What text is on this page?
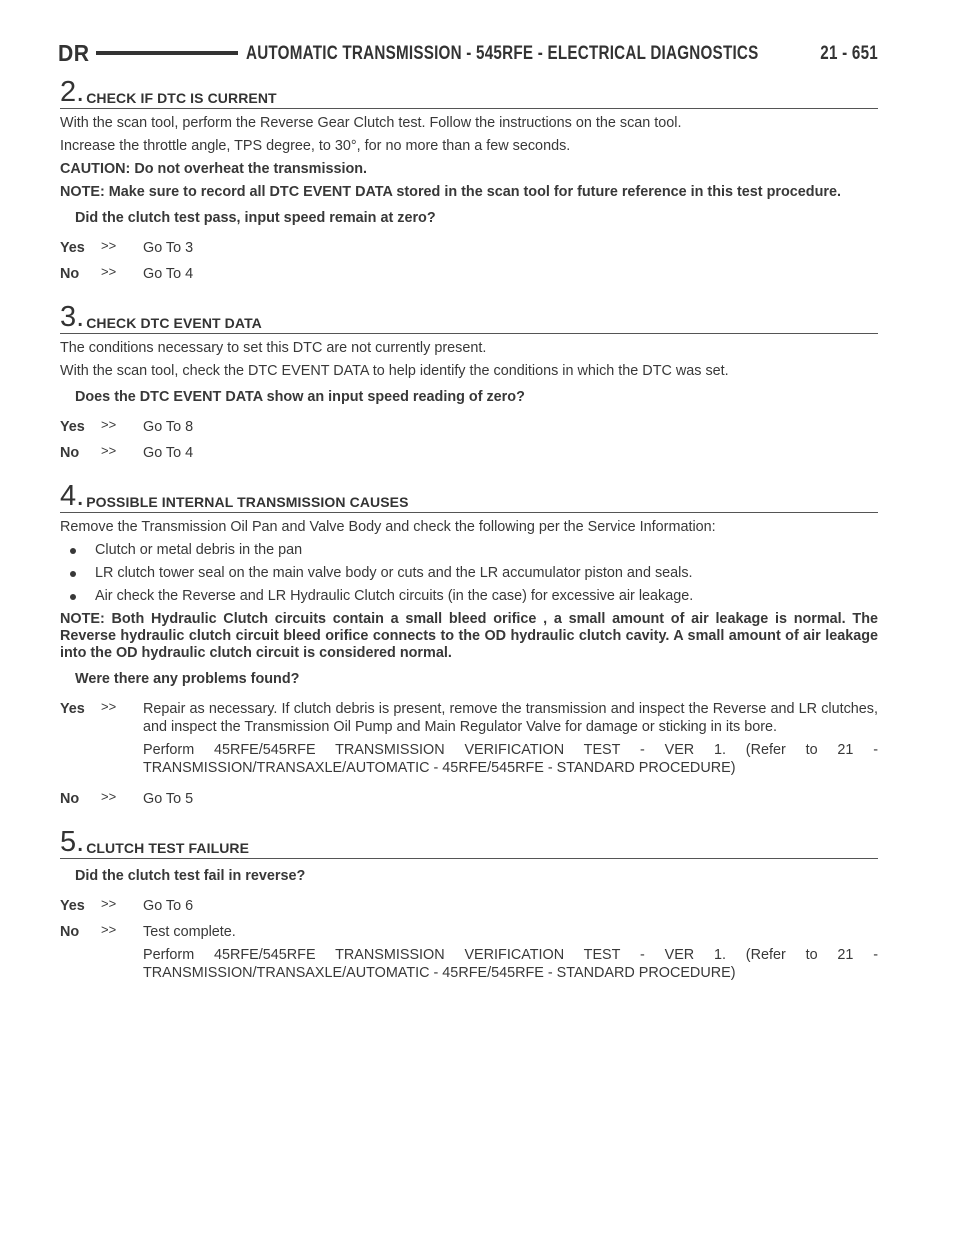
DR	AUTOMATIC TRANSMISSION - 545RFE - ELECTRICAL DIAGNOSTICS	21 - 651
2. CHECK IF DTC IS CURRENT

With the scan tool, perform the Reverse Gear Clutch test. Follow the instructions on the scan tool.

Increase the throttle angle, TPS degree, to 30°, for no more than a few seconds.

CAUTION: Do not overheat the transmission.

NOTE: Make sure to record all DTC EVENT DATA stored in the scan tool for future reference in this test procedure.

Did the clutch test pass, input speed remain at zero?

Yes	>>	Go To 3
No	>>	Go To 4
3. CHECK DTC EVENT DATA

The conditions necessary to set this DTC are not currently present.

With the scan tool, check the DTC EVENT DATA to help identify the conditions in which the DTC was set.

Does the DTC EVENT DATA show an input speed reading of zero?

Yes	>>	Go To 8
No	>>	Go To 4
4. POSSIBLE INTERNAL TRANSMISSION CAUSES

Remove the Transmission Oil Pan and Valve Body and check the following per the Service Information:

Clutch or metal debris in the pan
LR clutch tower seal on the main valve body or cuts and the LR accumulator piston and seals.
Air check the Reverse and LR Hydraulic Clutch circuits (in the case) for excessive air leakage.

NOTE: Both Hydraulic Clutch circuits contain a small bleed orifice , a small amount of air leakage is normal. The Reverse hydraulic clutch circuit bleed orifice connects to the OD hydraulic clutch cavity. A small amount of air leakage into the OD hydraulic clutch circuit is considered normal.

Were there any problems found?

Yes	>>	Repair as necessary. If clutch debris is present, remove the transmission and inspect the Reverse and LR clutches, and inspect the Transmission Oil Pump and Main Regulator Valve for damage or sticking in its bore.

Perform 45RFE/545RFE TRANSMISSION VERIFICATION TEST - VER 1. (Refer to 21 - TRANSMISSION/TRANSAXLE/AUTOMATIC - 45RFE/545RFE - STANDARD PROCEDURE)

No	>>	Go To 5
5. CLUTCH TEST FAILURE

Did the clutch test fail in reverse?

Yes	>>	Go To 6
No	>>	Test complete.

Perform 45RFE/545RFE TRANSMISSION VERIFICATION TEST - VER 1. (Refer to 21 - TRANSMISSION/TRANSAXLE/AUTOMATIC - 45RFE/545RFE - STANDARD PROCEDURE)
